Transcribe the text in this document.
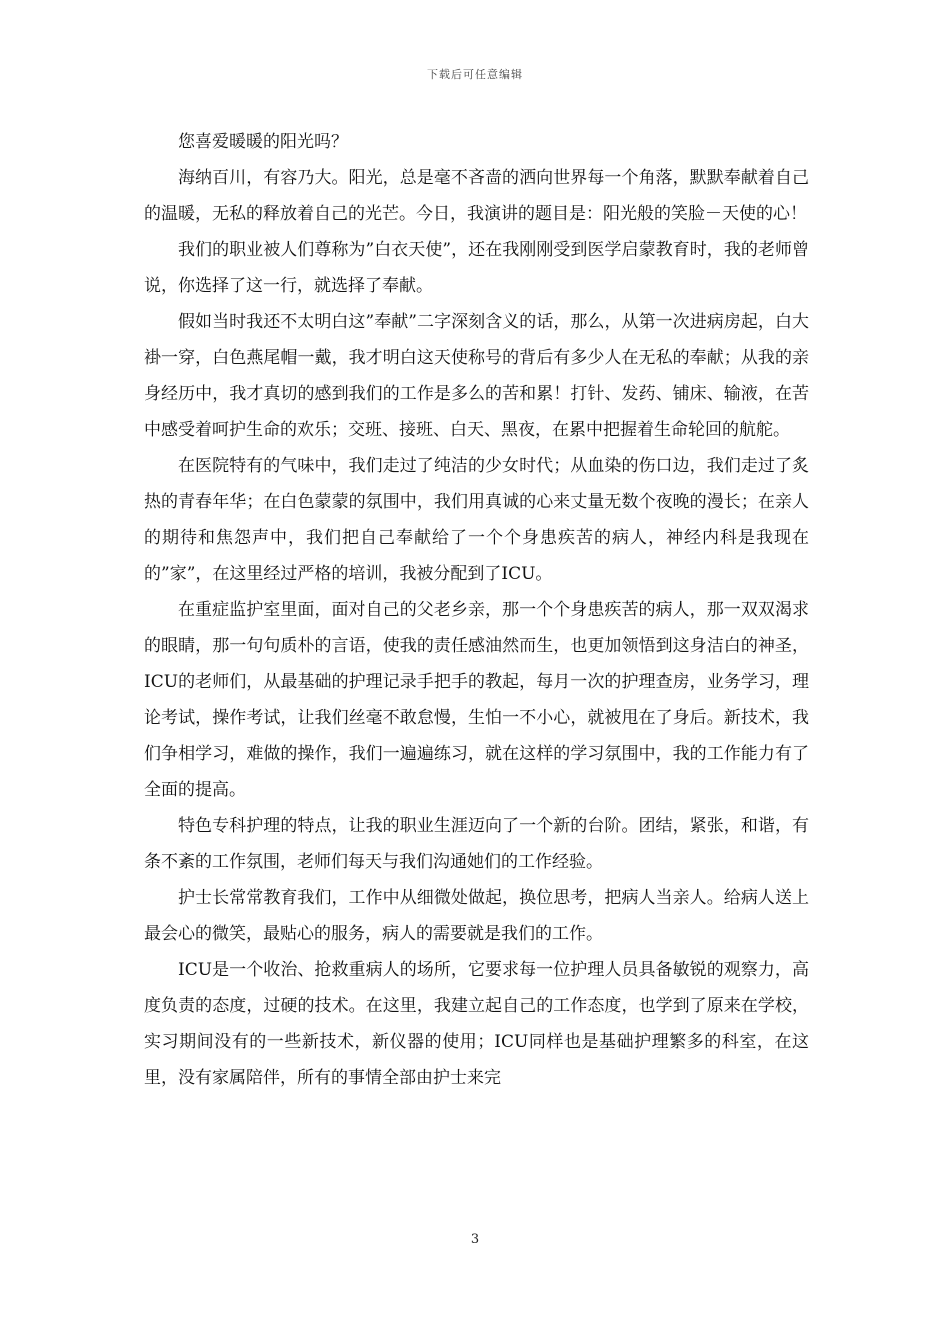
下载后可任意编辑

您喜爱暖暖的阳光吗？

海纳百川，有容乃大。阳光，总是毫不吝啬的洒向世界每一个角落，默默奉献着自己的温暖，无私的释放着自己的光芒。今日，我演讲的题目是：阳光般的笑脸－天使的心！

我们的职业被人们尊称为”白衣天使”，还在我刚刚受到医学启蒙教育时，我的老师曾说，你选择了这一行，就选择了奉献。

假如当时我还不太明白这”奉献”二字深刻含义的话，那么，从第一次进病房起，白大褂一穿，白色燕尾帽一戴，我才明白这天使称号的背后有多少人在无私的奉献；从我的亲身经历中，我才真切的感到我们的工作是多么的苦和累！打针、发药、铺床、输液，在苦中感受着呵护生命的欢乐；交班、接班、白天、黑夜，在累中把握着生命轮回的航舵。

在医院特有的气味中，我们走过了纯洁的少女时代；从血染的伤口边，我们走过了炙热的青春年华；在白色蒙蒙的氛围中，我们用真诚的心来丈量无数个夜晚的漫长；在亲人的期待和焦怨声中，我们把自己奉献给了一个个身患疾苦的病人，神经内科是我现在的”家”，在这里经过严格的培训，我被分配到了ICU。

在重症监护室里面，面对自己的父老乡亲，那一个个身患疾苦的病人，那一双双渴求的眼睛，那一句句质朴的言语，使我的责任感油然而生，也更加领悟到这身洁白的神圣，ICU的老师们，从最基础的护理记录手把手的教起，每月一次的护理查房，业务学习，理论考试，操作考试，让我们丝毫不敢怠慢，生怕一不小心，就被甩在了身后。新技术，我们争相学习，难做的操作，我们一遍遍练习，就在这样的学习氛围中，我的工作能力有了全面的提高。

特色专科护理的特点，让我的职业生涯迈向了一个新的台阶。团结，紧张，和谐，有条不紊的工作氛围，老师们每天与我们沟通她们的工作经验。

护士长常常教育我们，工作中从细微处做起，换位思考，把病人当亲人。给病人送上最会心的微笑，最贴心的服务，病人的需要就是我们的工作。

ICU是一个收治、抢救重病人的场所，它要求每一位护理人员具备敏锐的观察力，高度负责的态度，过硬的技术。在这里，我建立起自己的工作态度，也学到了原来在学校，实习期间没有的一些新技术，新仪器的使用；ICU同样也是基础护理繁多的科室，在这里，没有家属陪伴，所有的事情全部由护士来完

3
